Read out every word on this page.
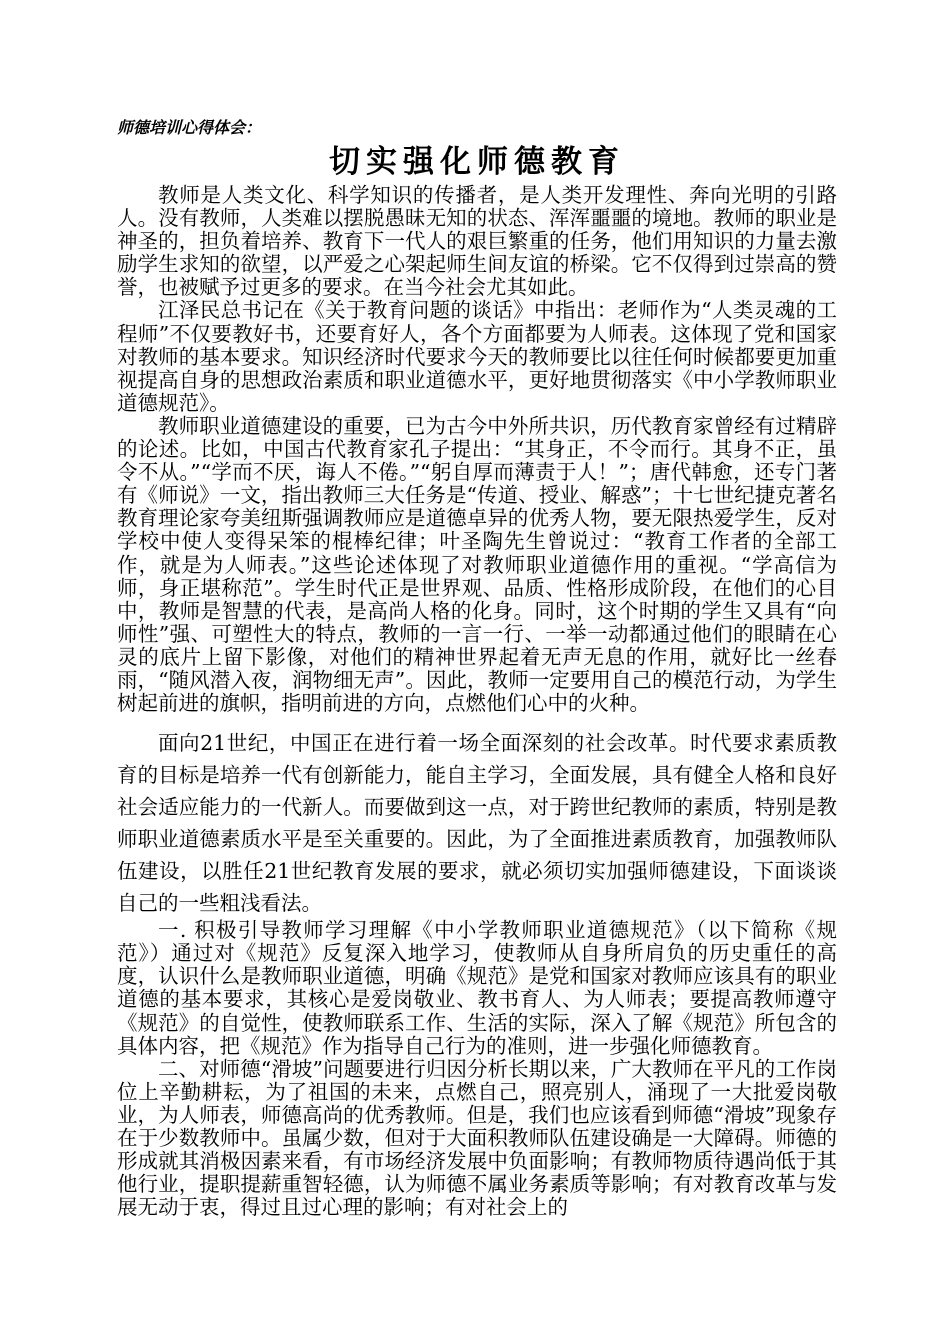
师德培训心得体会：

切实强化师德教育

教师是人类文化、科学知识的传播者，是人类开发理性、奔向光明的引路人。没有教师，人类难以摆脱愚昧无知的状态、浑浑噩噩的境地。教师的职业是神圣的，担负着培养、教育下一代人的艰巨繁重的任务，他们用知识的力量去激励学生求知的欲望，以严爱之心架起师生间友谊的桥梁。它不仅得到过崇高的赞誉，也被赋予过更多的要求。在当今社会尤其如此。

江泽民总书记在《关于教育问题的谈话》中指出：老师作为“人类灵魂的工程师”不仅要教好书，还要育好人，各个方面都要为人师表。这体现了党和国家对教师的基本要求。知识经济时代要求今天的教师要比以往任何时候都要更加重视提高自身的思想政治素质和职业道德水平，更好地贯彻落实《中小学教师职业道德规范》。

教师职业道德建设的重要，已为古今中外所共识，历代教育家曾经有过精辟的论述。比如，中国古代教育家孔子提出：“其身正，不令而行。其身不正，虽令不从。”“学而不厌，诲人不倦。”“躬自厚而薄责于人！”；唐代韩愈，还专门著有《师说》一文，指出教师三大任务是“传道、授业、解惑”；十七世纪捷克著名教育理论家夸美纽斯强调教师应是道德卓异的优秀人物，要无限热爱学生，反对学校中使人变得呆笨的棍棒纪律；叶圣陶先生曾说过：“教育工作者的全部工作，就是为人师表。”这些论述体现了对教师职业道德作用的重视。“学高信为师，身正堪称范”。学生时代正是世界观、品质、性格形成阶段，在他们的心目中，教师是智慧的代表，是高尚人格的化身。同时，这个时期的学生又具有“向师性”强、可塑性大的特点，教师的一言一行、一举一动都通过他们的眼睛在心灵的底片上留下影像，对他们的精神世界起着无声无息的作用，就好比一丝春雨，“随风潜入夜，润物细无声”。因此，教师一定要用自己的模范行动，为学生树起前进的旗帜，指明前进的方向，点燃他们心中的火种。

面向21世纪，中国正在进行着一场全面深刻的社会改革。时代要求素质教育的目标是培养一代有创新能力，能自主学习，全面发展，具有健全人格和良好社会适应能力的一代新人。而要做到这一点，对于跨世纪教师的素质，特别是教师职业道德素质水平是至关重要的。因此，为了全面推进素质教育，加强教师队伍建设，以胜任21世纪教育发展的要求，就必须切实加强师德建设，下面谈谈自己的一些粗浅看法。

一. 积极引导教师学习理解《中小学教师职业道德规范》（以下简称《规范》）通过对《规范》反复深入地学习，使教师从自身所肩负的历史重任的高度，认识什么是教师职业道德，明确《规范》是党和国家对教师应该具有的职业道德的基本要求，其核心是爱岗敬业、教书育人、为人师表；要提高教师遵守《规范》的自觉性，使教师联系工作、生活的实际，深入了解《规范》所包含的具体内容，把《规范》作为指导自己行为的准则，进一步强化师德教育。

二、对师德“滑坡”问题要进行归因分析长期以来，广大教师在平凡的工作岗位上辛勤耕耘，为了祖国的未来，点燃自己，照亮别人，涌现了一大批爱岗敬业，为人师表，师德高尚的优秀教师。但是，我们也应该看到师德“滑坡”现象存在于少数教师中。虽属少数，但对于大面积教师队伍建设确是一大障碍。师德的形成就其消极因素来看，有市场经济发展中负面影响；有教师物质待遇尚低于其他行业，提职提薪重智轻德，认为师德不属业务素质等影响；有对教育改革与发展无动于衷，得过且过心理的影响；有对社会上的
